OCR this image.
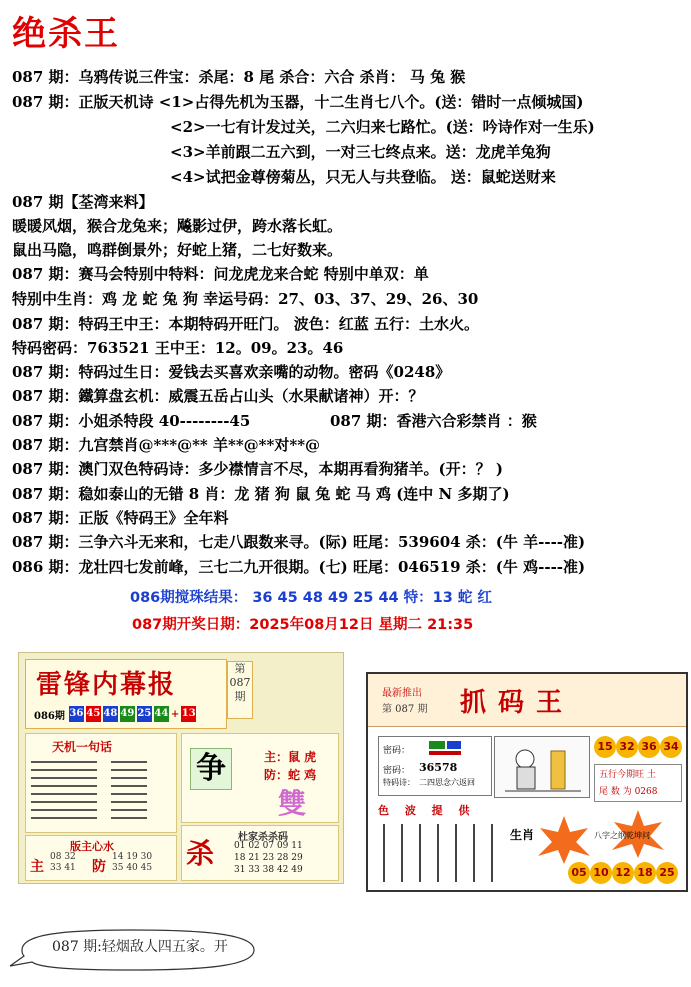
绝杀王
087 期：乌鸦传说三件宝：杀尾：8 尾 杀合：六合 杀肖： 马 兔 猴
087 期：正版天机诗 <1>占得先机为玉器，十二生肖七八个。(送：错时一点倾城国)
<2>一七有计发过关，二六归来七路忙。(送：吟诗作对一生乐)
<3>羊前跟二五六到，一对三七终点来。送：龙虎羊兔狗
<4>试把金尊傍菊丛，只无人与共登临。 送：鼠蛇送财来
087 期【荃湾来料】
暖暖风烟，猴合龙兔来；飚影过伊，跨水落长虹。
鼠出马隐，鸣群倒景外；好蛇上猪，二七好数来。
087 期：赛马会特别中特料：问龙虎龙来合蛇 特别中单双：单
特别中生肖：鸡 龙 蛇 兔 狗 幸运号码：27、03、37、29、26、30
087 期：特码王中王：本期特码开旺门。 波色：红蓝 五行：土水火。
特码密码：763521 王中王：12。09。23。46
087 期：特码过生日：爱钱去买喜欢亲嘴的动物。密码《0248》
087 期：鐵算盘玄机：威震五岳占山头（水果献诸神）开：？
087 期：小姐杀特段 40--------45	087 期：香港六合彩禁肖 ：猴
087 期：九宫禁肖@***@** 羊**@**对**@
087 期：澳门双色特码诗：多少襟情言不尽，本期再看狗猪羊。(开：？ )
087 期：稳如泰山的无错 8 肖：龙 猪 狗 鼠 兔 蛇 马 鸡 (连中 N 多期了)
087 期：正版《特码王》全年料
087 期：三争六斗无来和，七走八跟数来寻。(际) 旺尾：539604 杀：(牛 羊----准)
086 期：龙壮四七发前峰，三七二九开很期。(七) 旺尾：046519 杀：(牛 鸡----准)
086期搅珠结果： 36 45 48 49 25 44 特：13 蛇 红
087期开奖日期：2025年08月12日 星期二 21:35
雷锋内幕报
086期 36 45 48 49 25 44 + 13
第
087
期
天机一句话
版主心水
主
08 32
33 41 防
14 19 30
35 40 45
争	主：鼠 虎
防：蛇 鸡
雙
杀 杜家杀杀码
01 02 07 09 11
18 21 23 28 29
31 33 38 42 49
最新推出
第 087 期 抓码王
密码：
密码： 36578
特码诗： 二四思念六返回
15 32 36 34
五行今期旺 土
尾 数 为 0268
色 波 提 供
生肖	八字之纲乾坤问
05 10 12 18 25
087 期:轻烟敌人四五家。开
